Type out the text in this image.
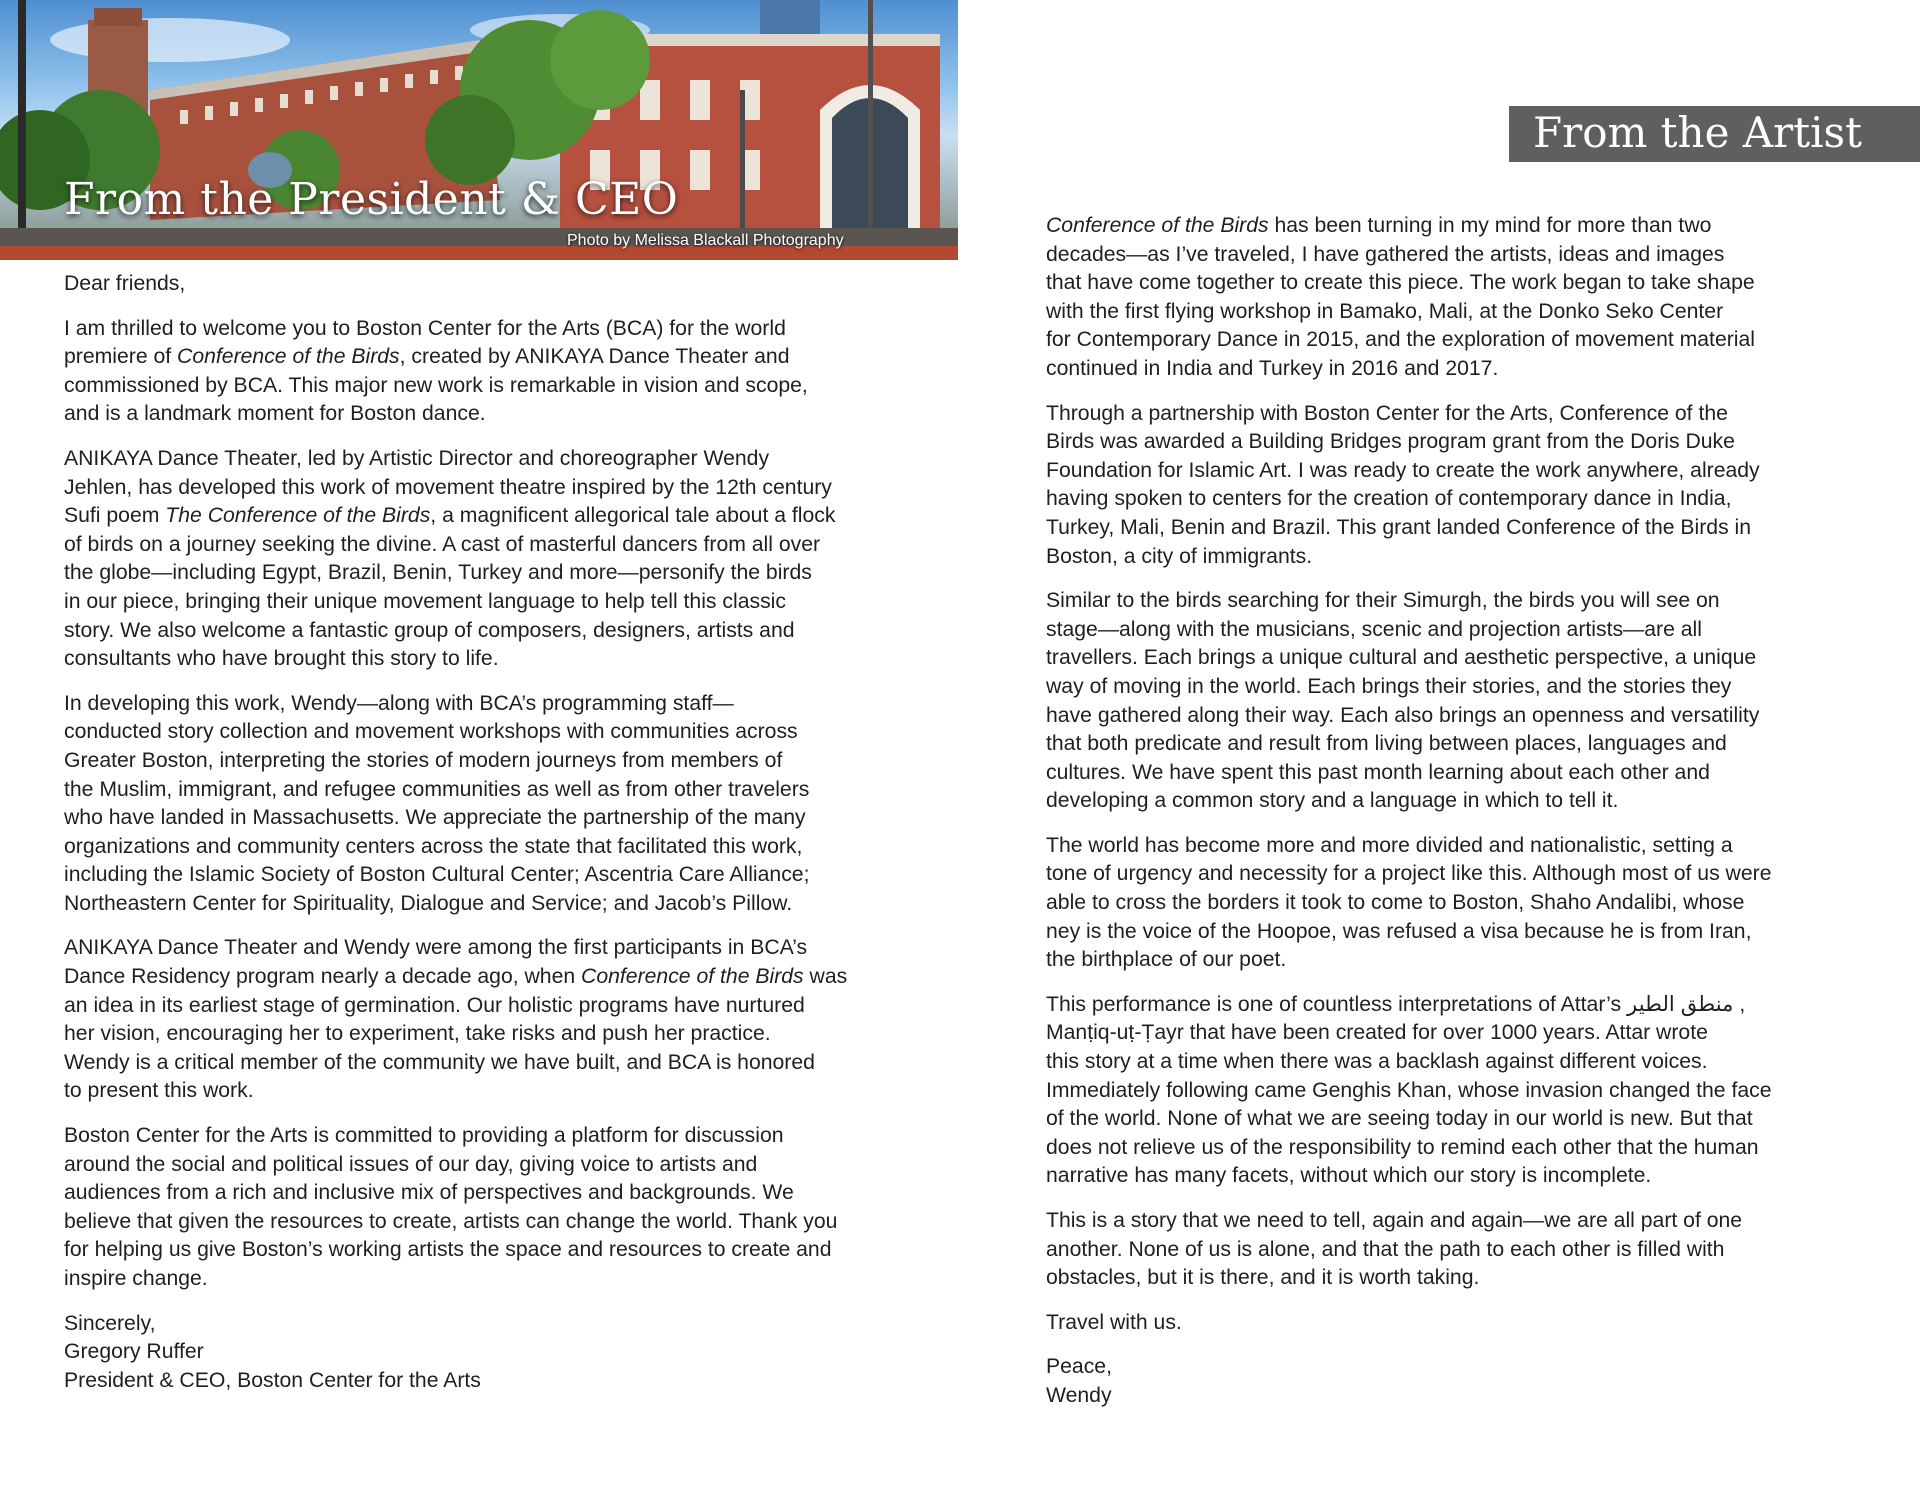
From the President & CEO
Photo by Melissa Blackall Photography

Dear friends,

I am thrilled to welcome you to Boston Center for the Arts (BCA) for the world
premiere of Conference of the Birds, created by ANIKAYA Dance Theater and
commissioned by BCA. This major new work is remarkable in vision and scope,
and is a landmark moment for Boston dance.

ANIKAYA Dance Theater, led by Artistic Director and choreographer Wendy
Jehlen, has developed this work of movement theatre inspired by the 12th century
Sufi poem The Conference of the Birds, a magnificent allegorical tale about a flock
of birds on a journey seeking the divine. A cast of masterful dancers from all over
the globe—including Egypt, Brazil, Benin, Turkey and more—personify the birds
in our piece, bringing their unique movement language to help tell this classic
story. We also welcome a fantastic group of composers, designers, artists and
consultants who have brought this story to life.

In developing this work, Wendy—along with BCA’s programming staff—
conducted story collection and movement workshops with communities across
Greater Boston, interpreting the stories of modern journeys from members of
the Muslim, immigrant, and refugee communities as well as from other travelers
who have landed in Massachusetts. We appreciate the partnership of the many
organizations and community centers across the state that facilitated this work,
including the Islamic Society of Boston Cultural Center; Ascentria Care Alliance;
Northeastern Center for Spirituality, Dialogue and Service; and Jacob’s Pillow.

ANIKAYA Dance Theater and Wendy were among the first participants in BCA’s
Dance Residency program nearly a decade ago, when Conference of the Birds was
an idea in its earliest stage of germination. Our holistic programs have nurtured
her vision, encouraging her to experiment, take risks and push her practice.
Wendy is a critical member of the community we have built, and BCA is honored
to present this work.

Boston Center for the Arts is committed to providing a platform for discussion
around the social and political issues of our day, giving voice to artists and
audiences from a rich and inclusive mix of perspectives and backgrounds. We
believe that given the resources to create, artists can change the world. Thank you
for helping us give Boston’s working artists the space and resources to create and
inspire change.

Sincerely,
Gregory Ruffer
President & CEO, Boston Center for the Arts

From the Artist

Conference of the Birds has been turning in my mind for more than two
decades—as I’ve traveled, I have gathered the artists, ideas and images
that have come together to create this piece. The work began to take shape
with the first flying workshop in Bamako, Mali, at the Donko Seko Center
for Contemporary Dance in 2015, and the exploration of movement material
continued in India and Turkey in 2016 and 2017.

Through a partnership with Boston Center for the Arts, Conference of the
Birds was awarded a Building Bridges program grant from the Doris Duke
Foundation for Islamic Art. I was ready to create the work anywhere, already
having spoken to centers for the creation of contemporary dance in India,
Turkey, Mali, Benin and Brazil. This grant landed Conference of the Birds in
Boston, a city of immigrants.

Similar to the birds searching for their Simurgh, the birds you will see on
stage—along with the musicians, scenic and projection artists—are all
travellers. Each brings a unique cultural and aesthetic perspective, a unique
way of moving in the world. Each brings their stories, and the stories they
have gathered along their way. Each also brings an openness and versatility
that both predicate and result from living between places, languages and
cultures. We have spent this past month learning about each other and
developing a common story and a language in which to tell it.

The world has become more and more divided and nationalistic, setting a
tone of urgency and necessity for a project like this. Although most of us were
able to cross the borders it took to come to Boston, Shaho Andalibi, whose
ney is the voice of the Hoopoe, was refused a visa because he is from Iran,
the birthplace of our poet.

This performance is one of countless interpretations of Attar’s منطق الطیر ,
Manṭiq-uṭ-Ṭayr that have been created for over 1000 years. Attar wrote
this story at a time when there was a backlash against different voices.
Immediately following came Genghis Khan, whose invasion changed the face
of the world. None of what we are seeing today in our world is new. But that
does not relieve us of the responsibility to remind each other that the human
narrative has many facets, without which our story is incomplete.

This is a story that we need to tell, again and again—we are all part of one
another. None of us is alone, and that the path to each other is filled with
obstacles, but it is there, and it is worth taking.

Travel with us.

Peace,
Wendy
